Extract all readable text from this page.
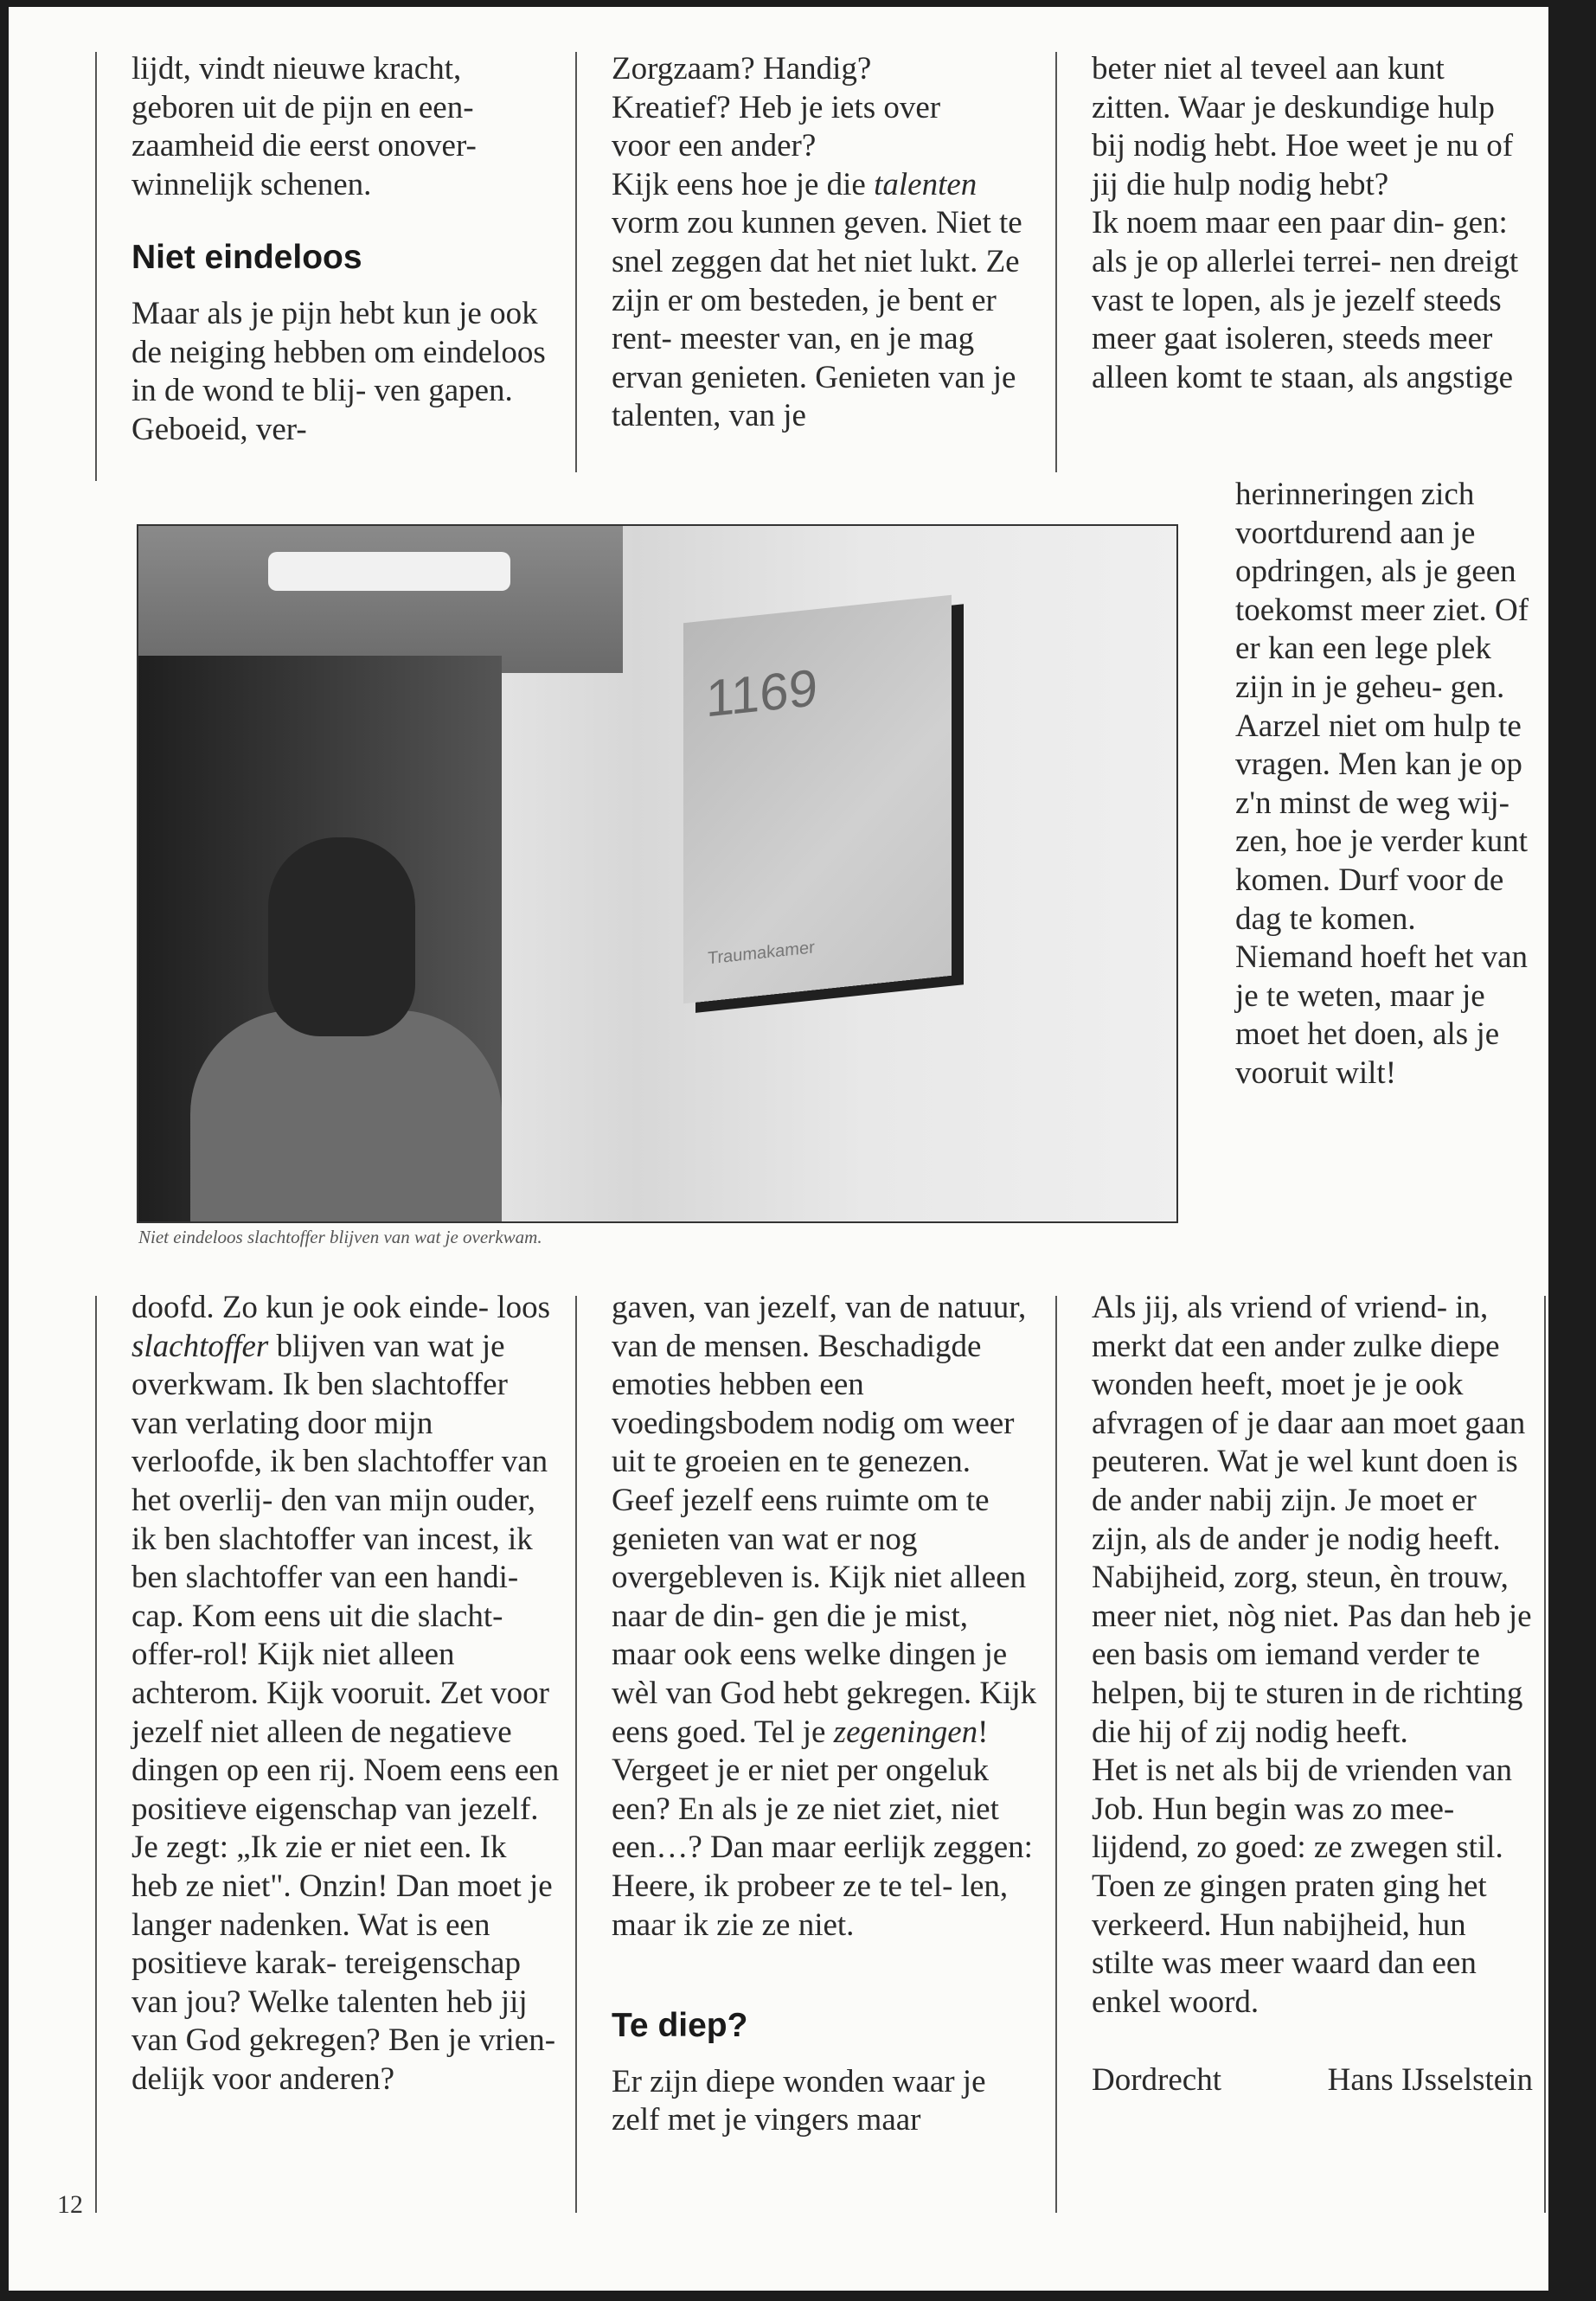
lijdt, vindt nieuwe kracht, geboren uit de pijn en een- zaamheid die eerst onover- winnelijk schenen.

Niet eindeloos

Maar als je pijn hebt kun je ook de neiging hebben om eindeloos in de wond te blij- ven gapen. Geboeid, ver-

Zorgzaam? Handig?

Kreatief? Heb je iets over

voor een ander?

Kijk eens hoe je die talenten vorm zou kunnen geven. Niet te snel zeggen dat het niet lukt. Ze zijn er om besteden, je bent er rent- meester van, en je mag ervan genieten. Genieten van je talenten, van je

beter niet al teveel aan kunt zitten. Waar je deskundige hulp bij nodig hebt. Hoe weet je nu of jij die hulp nodig hebt?

Ik noem maar een paar din- gen: als je op allerlei terrei- nen dreigt vast te lopen, als je jezelf steeds meer gaat isoleren, steeds meer alleen komt te staan, als angstige

herinneringen zich voortdurend aan je opdringen, als je geen toekomst meer ziet. Of er kan een lege plek zijn in je geheu- gen.

Aarzel niet om hulp te vragen. Men kan je op z'n minst de weg wij- zen, hoe je verder kunt komen. Durf voor de dag te komen. Niemand hoeft het van je te weten, maar je moet het doen, als je vooruit wilt!

1169
Traumakamer
Niet eindeloos slachtoffer blijven van wat je overkwam.

doofd. Zo kun je ook einde- loos slachtoffer blijven van wat je overkwam. Ik ben slachtoffer van verlating door mijn verloofde, ik ben slachtoffer van het overlij- den van mijn ouder, ik ben slachtoffer van incest, ik ben slachtoffer van een handi- cap. Kom eens uit die slacht- offer-rol! Kijk niet alleen achterom. Kijk vooruit. Zet voor jezelf niet alleen de negatieve dingen op een rij. Noem eens een positieve eigenschap van jezelf. Je zegt: „Ik zie er niet een. Ik heb ze niet". Onzin! Dan moet je langer nadenken. Wat is een positieve karak- tereigenschap van jou? Welke talenten heb jij van God gekregen? Ben je vrien- delijk voor anderen?

gaven, van jezelf, van de natuur, van de mensen. Beschadigde emoties hebben een voedingsbodem nodig om weer uit te groeien en te genezen. Geef jezelf eens ruimte om te genieten van wat er nog overgebleven is. Kijk niet alleen naar de din- gen die je mist, maar ook eens welke dingen je wèl van God hebt gekregen. Kijk eens goed. Tel je zegeningen! Vergeet je er niet per ongeluk een? En als je ze niet ziet, niet een…? Dan maar eerlijk zeggen: Heere, ik probeer ze te tel- len, maar ik zie ze niet.

Te diep?

Er zijn diepe wonden waar je zelf met je vingers maar

Als jij, als vriend of vriend- in, merkt dat een ander zulke diepe wonden heeft, moet je je ook afvragen of je daar aan moet gaan peuteren. Wat je wel kunt doen is de ander nabij zijn. Je moet er zijn, als de ander je nodig heeft. Nabijheid, zorg, steun, èn trouw, meer niet, nòg niet. Pas dan heb je een basis om iemand verder te helpen, bij te sturen in de richting die hij of zij nodig heeft.

Het is net als bij de vrienden van Job. Hun begin was zo mee-lijdend, zo goed: ze zwegen stil. Toen ze gingen praten ging het verkeerd. Hun nabijheid, hun stilte was meer waard dan een enkel woord.

Dordrecht	Hans IJsselstein

12
